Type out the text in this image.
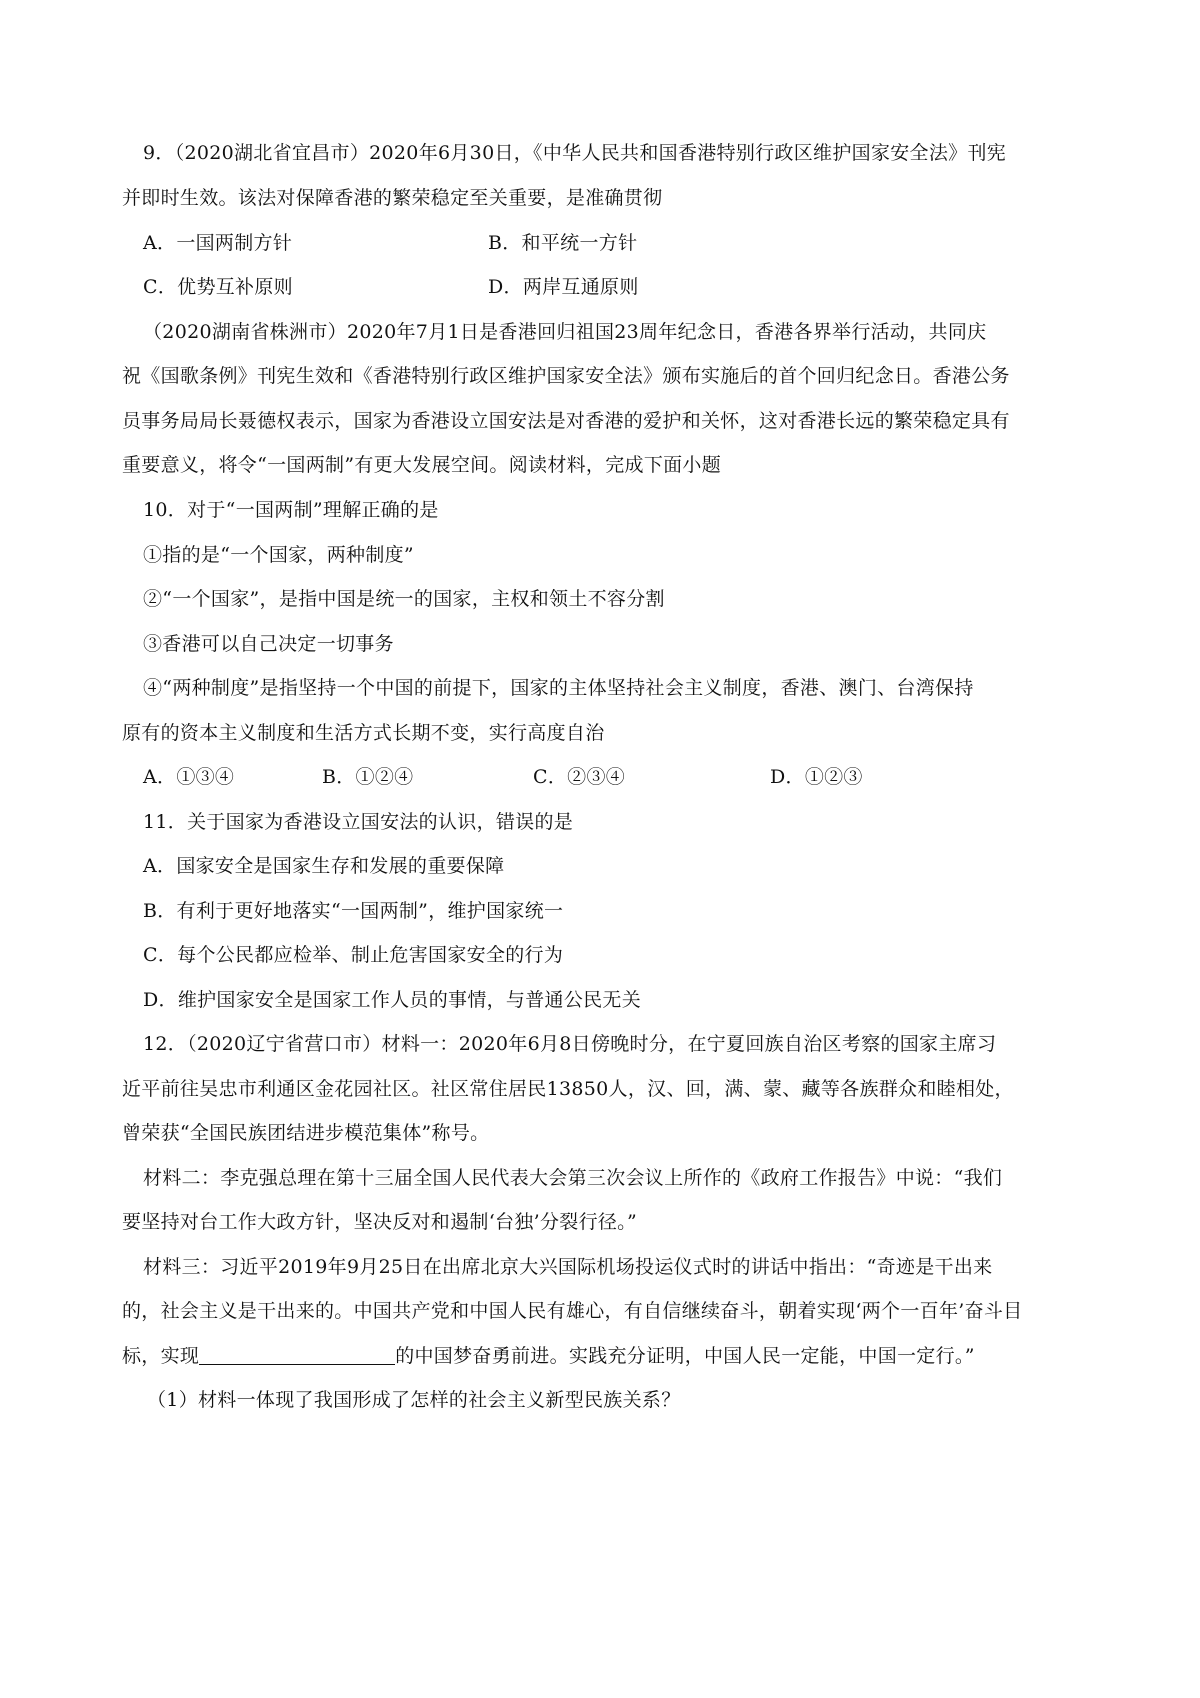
9．（2020湖北省宜昌市）2020年6月30日，《中华人民共和国香港特别行政区维护国家安全法》刊宪
并即时生效。该法对保障香港的繁荣稳定至关重要，是准确贯彻
A．一国两制方针	B．和平统一方针
C．优势互补原则	D．两岸互通原则
（2020湖南省株洲市）2020年7月1日是香港回归祖国23周年纪念日，香港各界举行活动，共同庆
祝《国歌条例》刊宪生效和《香港特别行政区维护国家安全法》颁布实施后的首个回归纪念日。香港公务
员事务局局长聂德权表示，国家为香港设立国安法是对香港的爱护和关怀，这对香港长远的繁荣稳定具有
重要意义，将令“一国两制”有更大发展空间。阅读材料，完成下面小题
10．对于“一国两制”理解正确的是
①指的是“一个国家，两种制度”
②“一个国家”，是指中国是统一的国家，主权和领土不容分割
③香港可以自己决定一切事务
④“两种制度”是指坚持一个中国的前提下，国家的主体坚持社会主义制度，香港、澳门、台湾保持
原有的资本主义制度和生活方式长期不变，实行高度自治
A．①③④	B．①②④	C．②③④	D．①②③
11．关于国家为香港设立国安法的认识，错误的是
A．国家安全是国家生存和发展的重要保障
B．有利于更好地落实“一国两制”，维护国家统一
C．每个公民都应检举、制止危害国家安全的行为
D．维护国家安全是国家工作人员的事情，与普通公民无关
12．（2020辽宁省营口市）材料一：2020年6月8日傍晚时分，在宁夏回族自治区考察的国家主席习
近平前往吴忠市利通区金花园社区。社区常住居民13850人，汉、回，满、蒙、藏等各族群众和睦相处，
曾荣获“全国民族团结进步模范集体”称号。
材料二：李克强总理在第十三届全国人民代表大会第三次会议上所作的《政府工作报告》中说：“我们
要坚持对台工作大政方针，坚决反对和遏制‘台独’分裂行径。”
材料三：习近平2019年9月25日在出席北京大兴国际机场投运仪式时的讲话中指出：“奇迹是干出来
的，社会主义是干出来的。中国共产党和中国人民有雄心，有自信继续奋斗，朝着实现‘两个一百年’奋斗目
标，实现	的中国梦奋勇前进。实践充分证明，中国人民一定能，中国一定行。”
（1）材料一体现了我国形成了怎样的社会主义新型民族关系？
